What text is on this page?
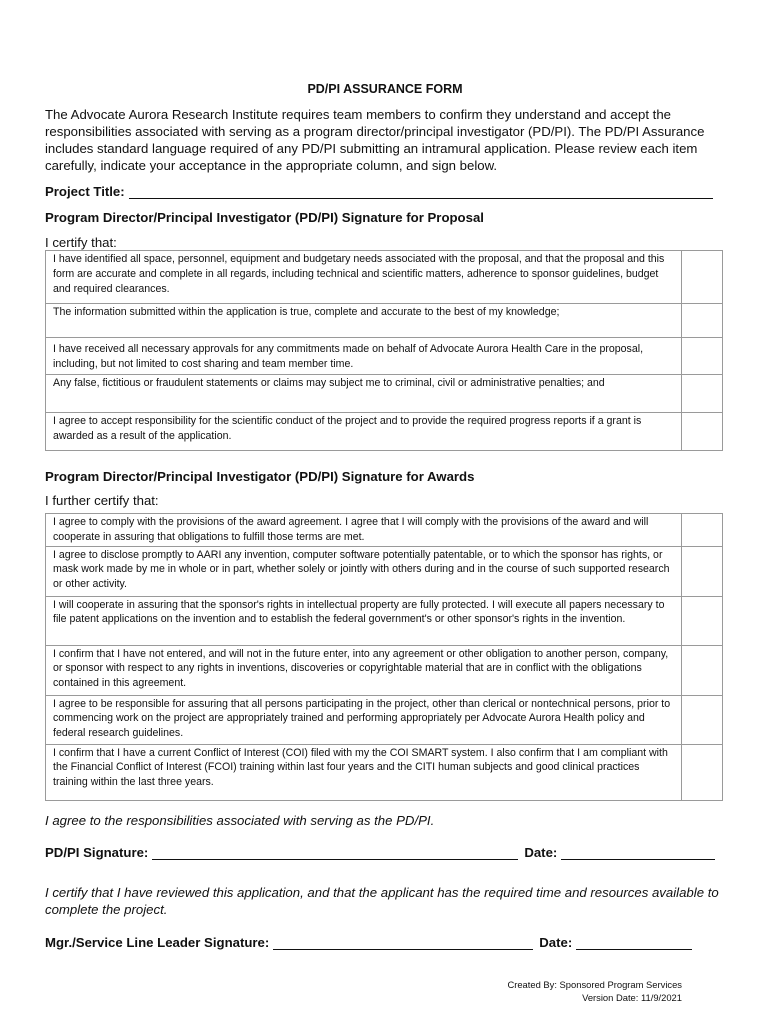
PD/PI ASSURANCE FORM
The Advocate Aurora Research Institute requires team members to confirm they understand and accept the responsibilities associated with serving as a program director/principal investigator (PD/PI). The PD/PI Assurance includes standard language required of any PD/PI submitting an intramural application. Please review each item carefully, indicate your acceptance in the appropriate column, and sign below.
Project Title:
Program Director/Principal Investigator (PD/PI) Signature for Proposal
I certify that:
I have identified all space, personnel, equipment and budgetary needs associated with the proposal, and that the proposal and this form are accurate and complete in all regards, including technical and scientific matters, adherence to sponsor guidelines, budget and required clearances.	
The information submitted within the application is true, complete and accurate to the best of my knowledge;	
I have received all necessary approvals for any commitments made on behalf of Advocate Aurora Health Care in the proposal, including, but not limited to cost sharing and team member time.	
Any false, fictitious or fraudulent statements or claims may subject me to criminal, civil or administrative penalties; and	
I agree to accept responsibility for the scientific conduct of the project and to provide the required progress reports if a grant is awarded as a result of the application.	
Program Director/Principal Investigator (PD/PI) Signature for Awards
I further certify that:
I agree to comply with the provisions of the award agreement. I agree that I will comply with the provisions of the award and will cooperate in assuring that obligations to fulfill those terms are met.	
I agree to disclose promptly to AARI any invention, computer software potentially patentable, or to which the sponsor has rights, or mask work made by me in whole or in part, whether solely or jointly with others during and in the course of such supported research or other activity.	
I will cooperate in assuring that the sponsor's rights in intellectual property are fully protected. I will execute all papers necessary to file patent applications on the invention and to establish the federal government's or other sponsor's rights in the invention.	
I confirm that I have not entered, and will not in the future enter, into any agreement or other obligation to another person, company, or sponsor with respect to any rights in inventions, discoveries or copyrightable material that are in conflict with the obligations contained in this agreement.	
I agree to be responsible for assuring that all persons participating in the project, other than clerical or nontechnical persons, prior to commencing work on the project are appropriately trained and performing appropriately per Advocate Aurora Health policy and federal research guidelines.	
I confirm that I have a current Conflict of Interest (COI) filed with my the COI SMART system. I also confirm that I am compliant with the Financial Conflict of Interest (FCOI) training within last four years and the CITI human subjects and good clinical practices training within the last three years.	
I agree to the responsibilities associated with serving as the PD/PI.
PD/PI Signature:	Date:
I certify that I have reviewed this application, and that the applicant has the required time and resources available to complete the project.
Mgr./Service Line Leader Signature:	Date:
Created By: Sponsored Program Services
Version Date: 11/9/2021
